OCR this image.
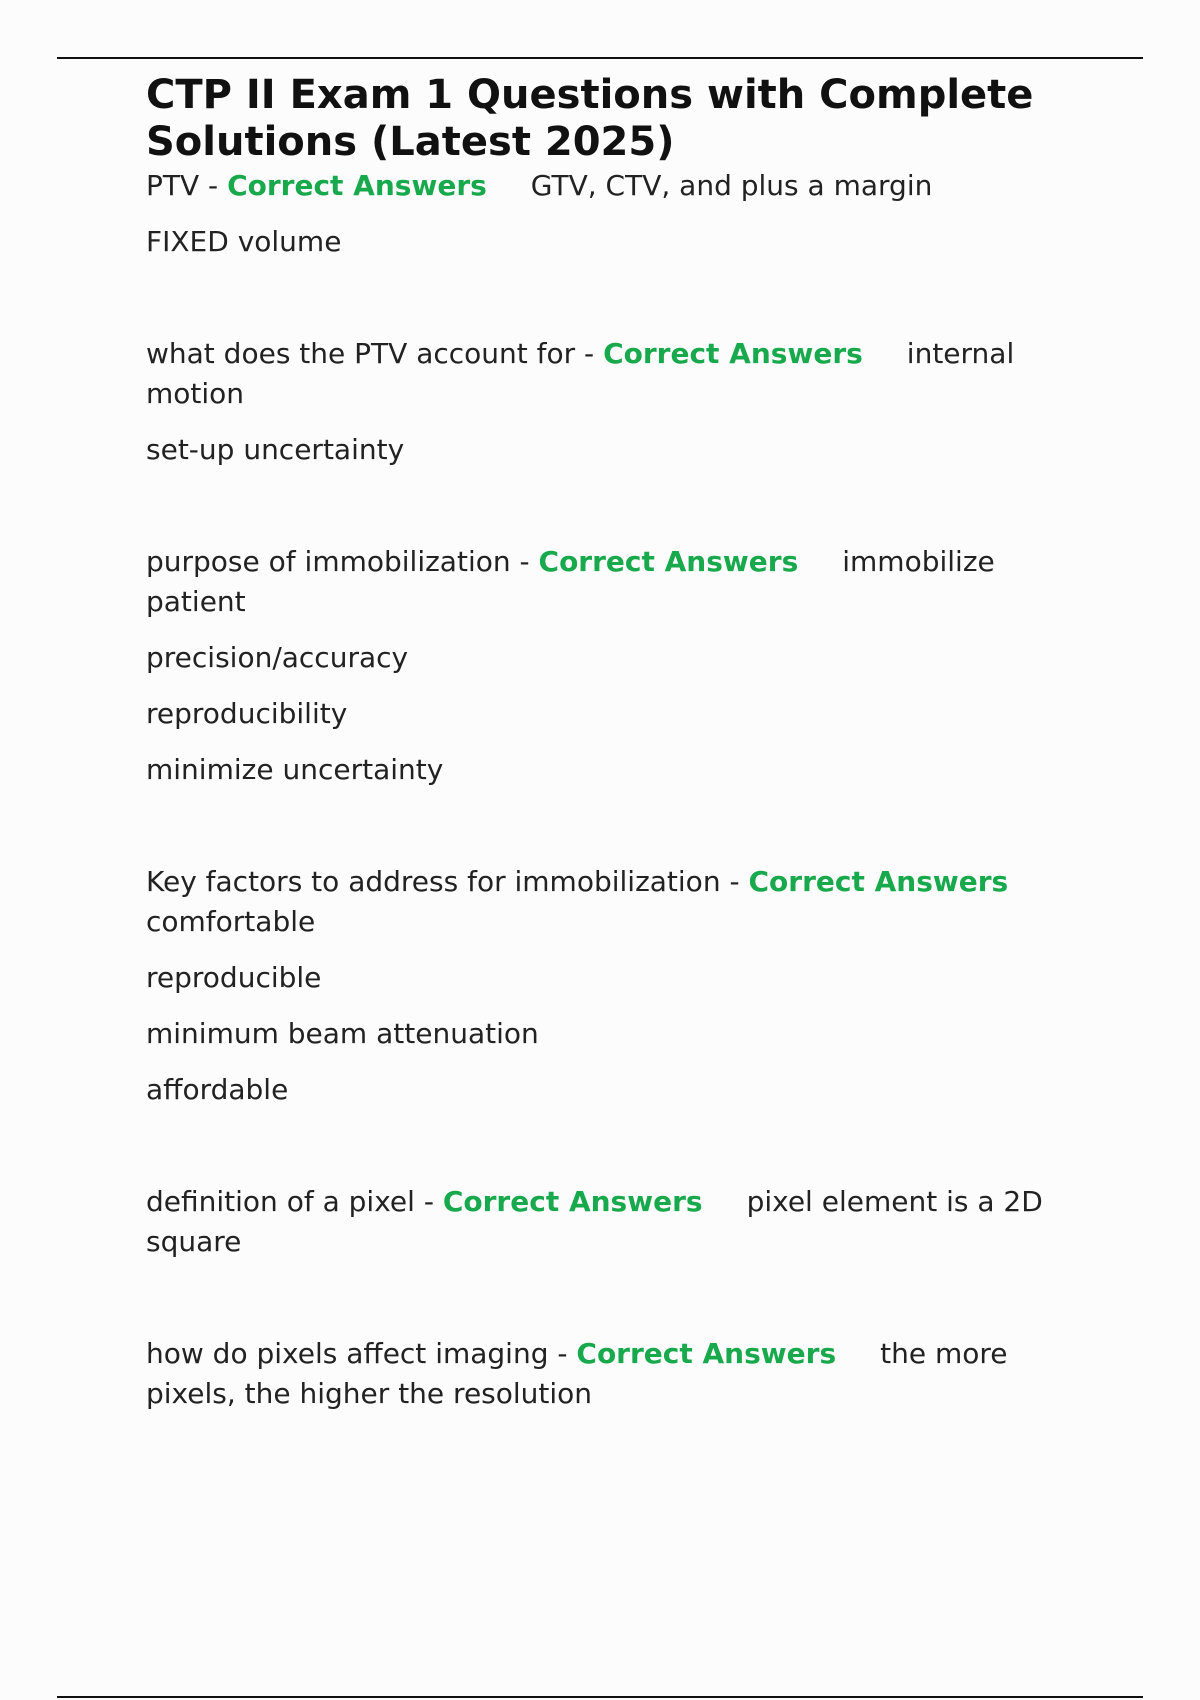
CTP II Exam 1 Questions with Complete Solutions (Latest 2025)
PTV - Correct Answers GTV, CTV, and plus a margin
FIXED volume
what does the PTV account for - Correct Answers internal motion
set-up uncertainty
purpose of immobilization - Correct Answers immobilize patient
precision/accuracy
reproducibility
minimize uncertainty
Key factors to address for immobilization - Correct Answerscomfortable
reproducible
minimum beam attenuation
affordable
definition of a pixel - Correct Answers pixel element is a 2D square
how do pixels affect imaging - Correct Answers the more pixels, the higher the resolution
